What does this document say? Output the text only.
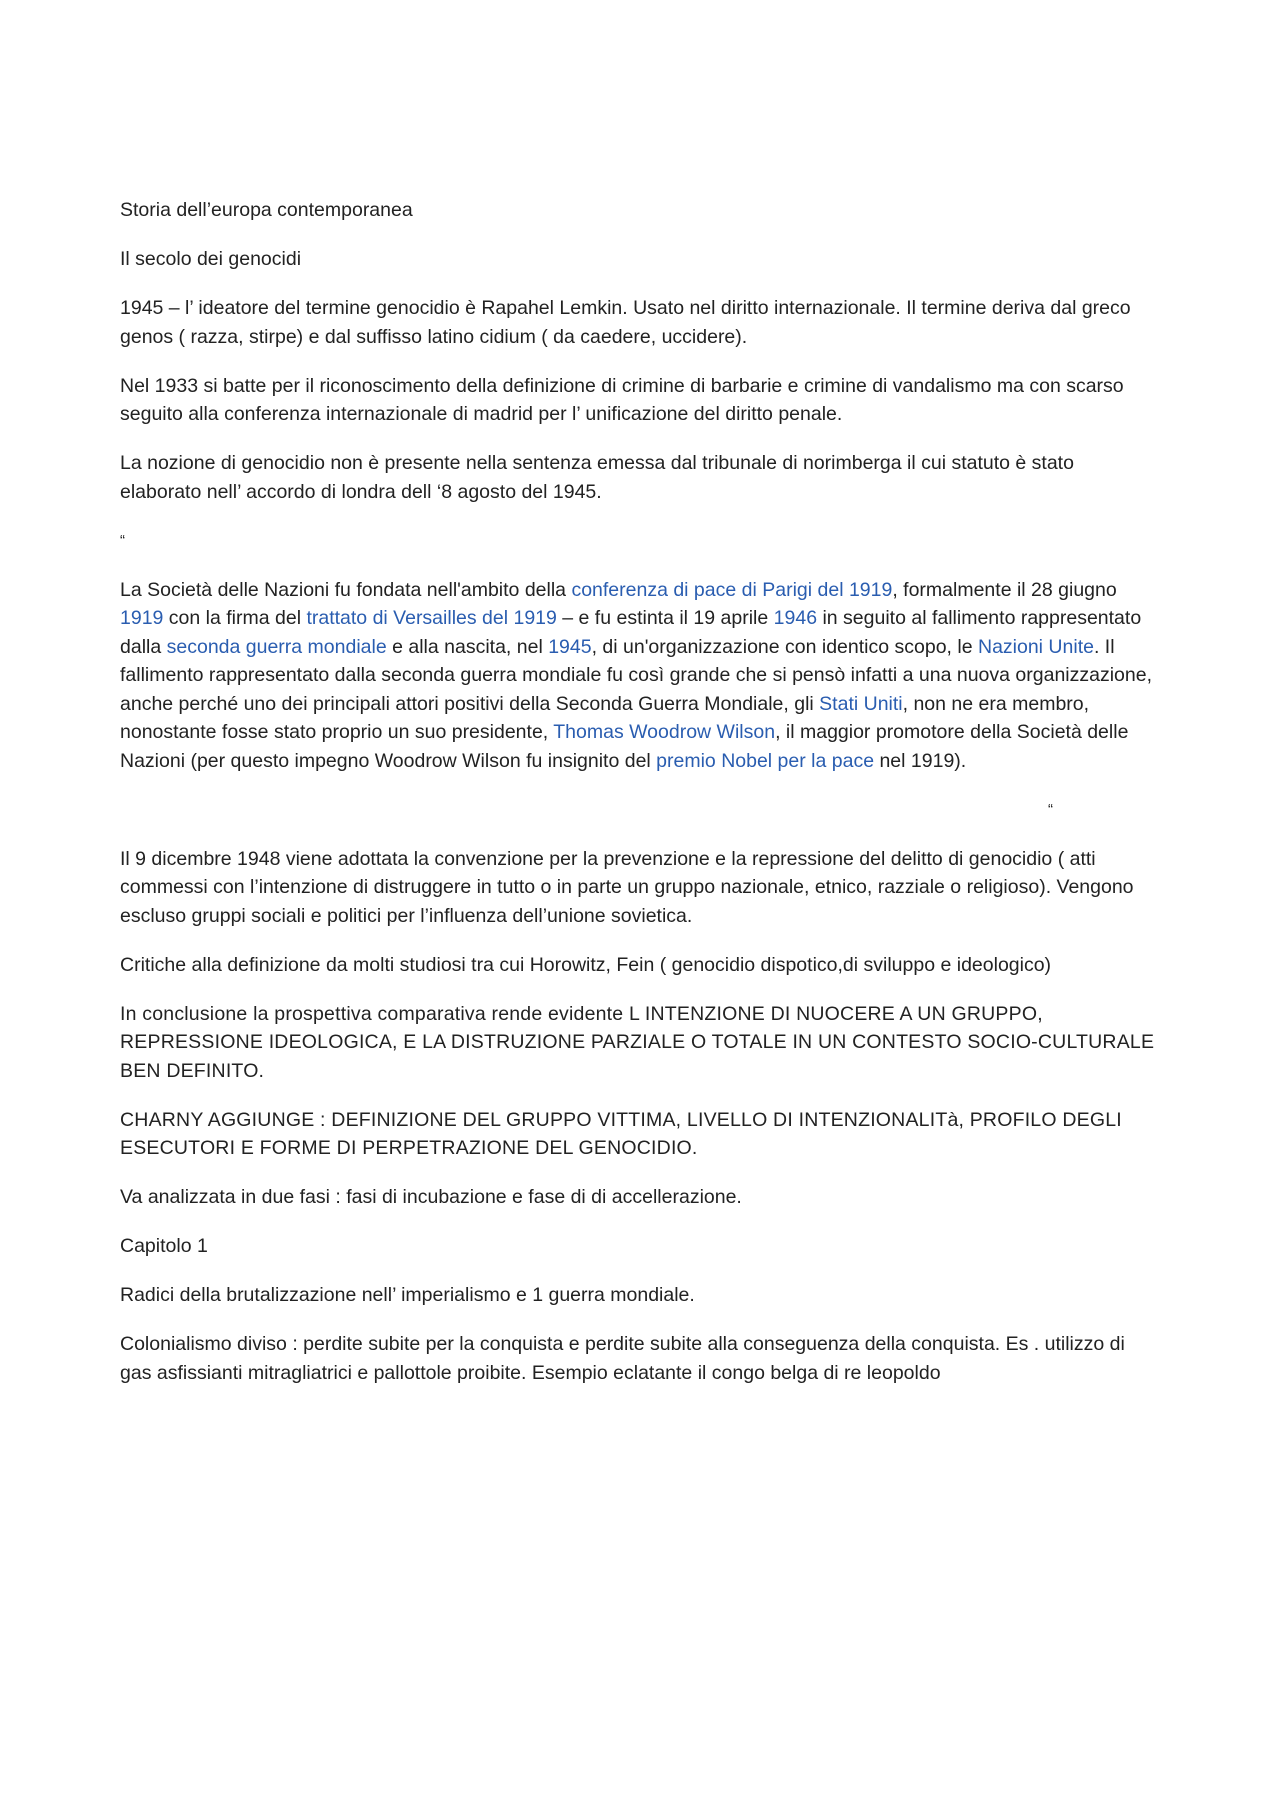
Storia dell’europa contemporanea

Il secolo dei genocidi

1945 – l’ ideatore del termine genocidio è Rapahel Lemkin. Usato nel diritto internazionale. Il termine deriva dal greco genos ( razza, stirpe) e dal suffisso latino cidium ( da caedere, uccidere).

Nel 1933 si batte per il riconoscimento della definizione di crimine di barbarie e crimine di vandalismo ma con scarso seguito alla conferenza internazionale di madrid per l’ unificazione del diritto penale.

La nozione di genocidio non è presente nella sentenza emessa dal tribunale di norimberga il cui statuto è stato elaborato nell’ accordo di londra dell ‘8 agosto del 1945.

“

La Società delle Nazioni fu fondata nell'ambito della conferenza di pace di Parigi del 1919, formalmente il 28 giugno 1919 con la firma del trattato di Versailles del 1919 – e fu estinta il 19 aprile 1946 in seguito al fallimento rappresentato dalla seconda guerra mondiale e alla nascita, nel 1945, di un'organizzazione con identico scopo, le Nazioni Unite. Il fallimento rappresentato dalla seconda guerra mondiale fu così grande che si pensò infatti a una nuova organizzazione, anche perché uno dei principali attori positivi della Seconda Guerra Mondiale, gli Stati Uniti, non ne era membro, nonostante fosse stato proprio un suo presidente, Thomas Woodrow Wilson, il maggior promotore della Società delle Nazioni (per questo impegno Woodrow Wilson fu insignito del premio Nobel per la pace nel 1919).

“

Il 9 dicembre 1948 viene adottata la convenzione per la prevenzione e la repressione del delitto di genocidio ( atti commessi con l’intenzione di distruggere in tutto o in parte un gruppo nazionale, etnico, razziale o religioso). Vengono escluso gruppi sociali e politici per l’influenza dell’unione sovietica.

Critiche alla definizione da molti studiosi tra cui Horowitz, Fein ( genocidio dispotico,di sviluppo e ideologico)

In conclusione la prospettiva comparativa rende evidente L INTENZIONE DI NUOCERE A UN GRUPPO, REPRESSIONE IDEOLOGICA, E LA DISTRUZIONE PARZIALE O TOTALE IN UN CONTESTO SOCIO-CULTURALE BEN DEFINITO.

CHARNY AGGIUNGE : DEFINIZIONE DEL GRUPPO VITTIMA, LIVELLO DI INTENZIONALITà, PROFILO DEGLI ESECUTORI E FORME DI PERPETRAZIONE DEL GENOCIDIO.

Va analizzata in due fasi : fasi di incubazione e fase di di accellerazione.

Capitolo 1

Radici della brutalizzazione nell’ imperialismo e 1 guerra mondiale.

Colonialismo diviso : perdite subite per la conquista e perdite subite alla conseguenza della conquista. Es . utilizzo di gas asfissianti mitragliatrici e pallottole proibite. Esempio eclatante il congo belga di re leopoldo
